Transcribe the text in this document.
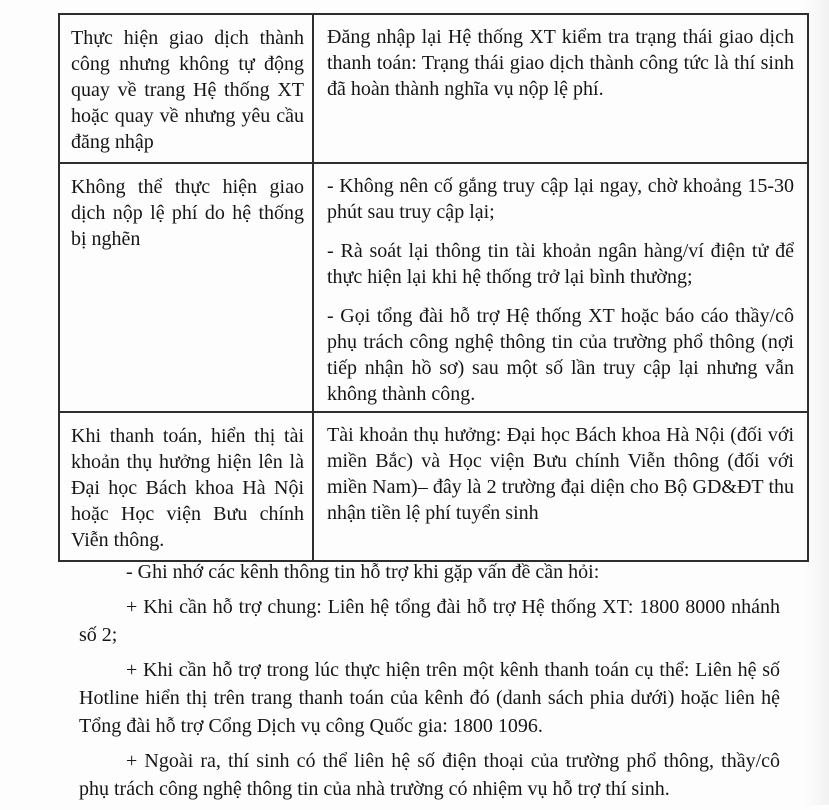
Thực hiện giao dịch thành công nhưng không tự động quay về trang Hệ thống XT hoặc quay về nhưng yêu cầu đăng nhập	Đăng nhập lại Hệ thống XT kiểm tra trạng thái giao dịch thanh toán: Trạng thái giao dịch thành công tức là thí sinh đã hoàn thành nghĩa vụ nộp lệ phí.

Không thể thực hiện giao dịch nộp lệ phí do hệ thống bị nghẽn	- Không nên cố gắng truy cập lại ngay, chờ khoảng 15-30 phút sau truy cập lại;

- Rà soát lại thông tin tài khoản ngân hàng/ví điện tử để thực hiện lại khi hệ thống trở lại bình thường;

- Gọi tổng đài hỗ trợ Hệ thống XT hoặc báo cáo thầy/cô phụ trách công nghệ thông tin của trường phổ thông (nợi tiếp nhận hồ sơ) sau một số lần truy cập lại nhưng vẫn không thành công.

Khi thanh toán, hiển thị tài khoản thụ hưởng hiện lên là Đại học Bách khoa Hà Nội hoặc Học viện Bưu chính Viễn thông.	Tài khoản thụ hưởng: Đại học Bách khoa Hà Nội (đối với miền Bắc) và Học viện Bưu chính Viễn thông (đối với miền Nam)– đây là 2 trường đại diện cho Bộ GD&ĐT thu nhận tiền lệ phí tuyển sinh

- Ghi nhớ các kênh thông tin hỗ trợ khi gặp vấn đề cần hỏi:

+ Khi cần hỗ trợ chung: Liên hệ tổng đài hỗ trợ Hệ thống XT: 1800 8000 nhánh số 2;

+ Khi cần hỗ trợ trong lúc thực hiện trên một kênh thanh toán cụ thể: Liên hệ số Hotline hiển thị trên trang thanh toán của kênh đó (danh sách phia dưới) hoặc liên hệ Tổng đài hỗ trợ Cổng Dịch vụ công Quốc gia: 1800 1096.

+ Ngoài ra, thí sinh có thể liên hệ số điện thoại của trường phổ thông, thầy/cô phụ trách công nghệ thông tin của nhà trường có nhiệm vụ hỗ trợ thí sinh.
